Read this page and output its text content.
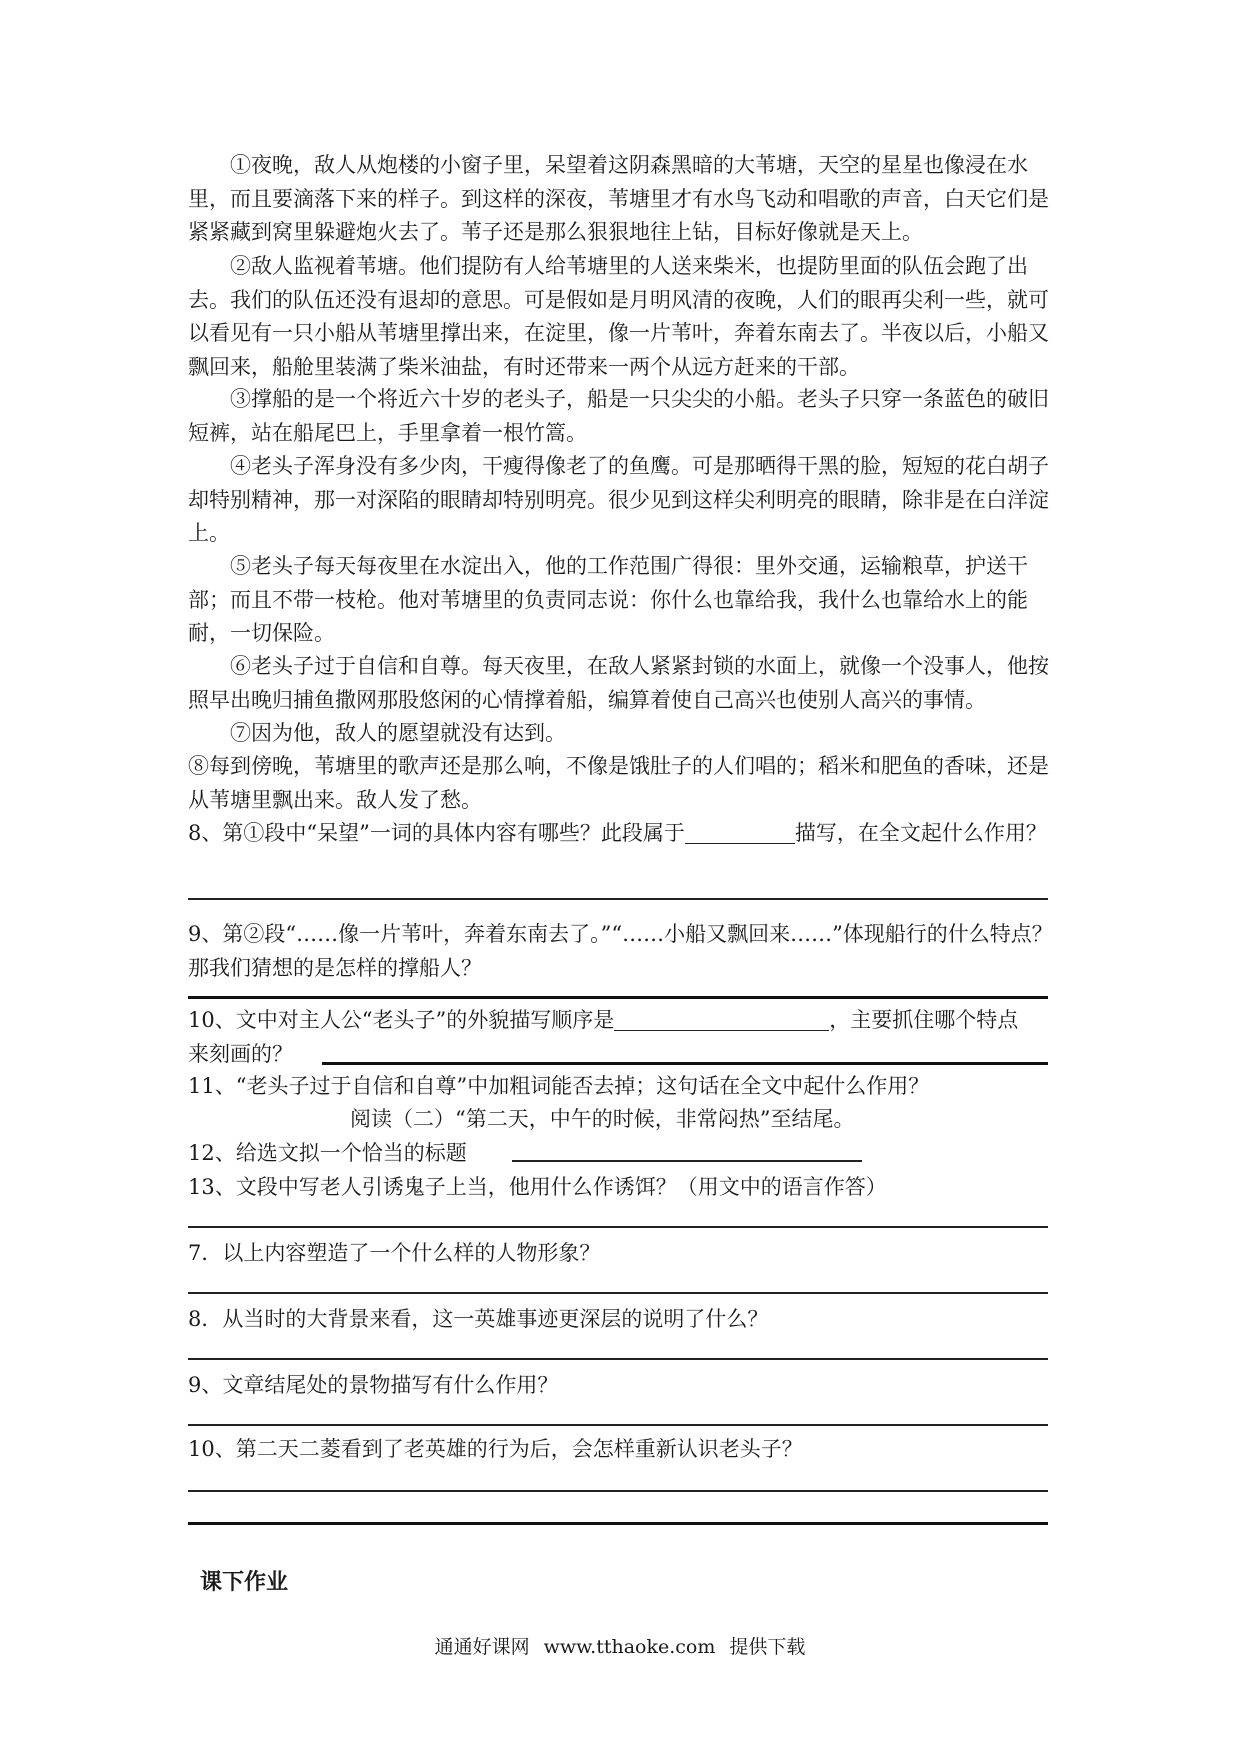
①夜晚，敌人从炮楼的小窗子里，呆望着这阴森黑暗的大苇塘，天空的星星也像浸在水里，而且要滴落下来的样子。到这样的深夜，苇塘里才有水鸟飞动和唱歌的声音，白天它们是紧紧藏到窝里躲避炮火去了。苇子还是那么狠狠地往上钻，目标好像就是天上。
②敌人监视着苇塘。他们提防有人给苇塘里的人送来柴米，也提防里面的队伍会跑了出去。我们的队伍还没有退却的意思。可是假如是月明风清的夜晚，人们的眼再尖利一些，就可以看见有一只小船从苇塘里撑出来，在淀里，像一片苇叶，奔着东南去了。半夜以后，小船又飘回来，船舱里装满了柴米油盐，有时还带来一两个从远方赶来的干部。
③撑船的是一个将近六十岁的老头子，船是一只尖尖的小船。老头子只穿一条蓝色的破旧短裤，站在船尾巴上，手里拿着一根竹篙。
④老头子浑身没有多少肉，干瘦得像老了的鱼鹰。可是那晒得干黑的脸，短短的花白胡子却特别精神，那一对深陷的眼睛却特别明亮。很少见到这样尖利明亮的眼睛，除非是在白洋淀上。
⑤老头子每天每夜里在水淀出入，他的工作范围广得很：里外交通，运输粮草，护送干部；而且不带一枝枪。他对苇塘里的负责同志说：你什么也靠给我，我什么也靠给水上的能耐，一切保险。
⑥老头子过于自信和自尊。每天夜里，在敌人紧紧封锁的水面上，就像一个没事人，他按照早出晚归捕鱼撒网那股悠闲的心情撑着船，编算着使自己高兴也使别人高兴的事情。
⑦因为他，敌人的愿望就没有达到。
⑧每到傍晚，苇塘里的歌声还是那么响，不像是饿肚子的人们唱的；稻米和肥鱼的香味，还是从苇塘里飘出来。敌人发了愁。
8、第①段中“呆望”一词的具体内容有哪些？此段属于	描写，在全文起什么作用？
9、第②段“……像一片苇叶，奔着东南去了。”“……小船又飘回来……”体现船行的什么特点？那我们猜想的是怎样的撑船人？
10、文中对主人公“老头子”的外貌描写顺序是	，主要抓住哪个特点
来刻画的？
11、“老头子过于自信和自尊”中加粗词能否去掉；这句话在全文中起什么作用？
阅读（二）“第二天，中午的时候，非常闷热”至结尾。
12、给选文拟一个恰当的标题
13、文段中写老人引诱鬼子上当，他用什么作诱饵？（用文中的语言作答）
7．以上内容塑造了一个什么样的人物形象？
8．从当时的大背景来看，这一英雄事迹更深层的说明了什么？
9、文章结尾处的景物描写有什么作用？
10、第二天二菱看到了老英雄的行为后，会怎样重新认识老头子？
课下作业
通通好课网 www.tthaoke.com 提供下载
